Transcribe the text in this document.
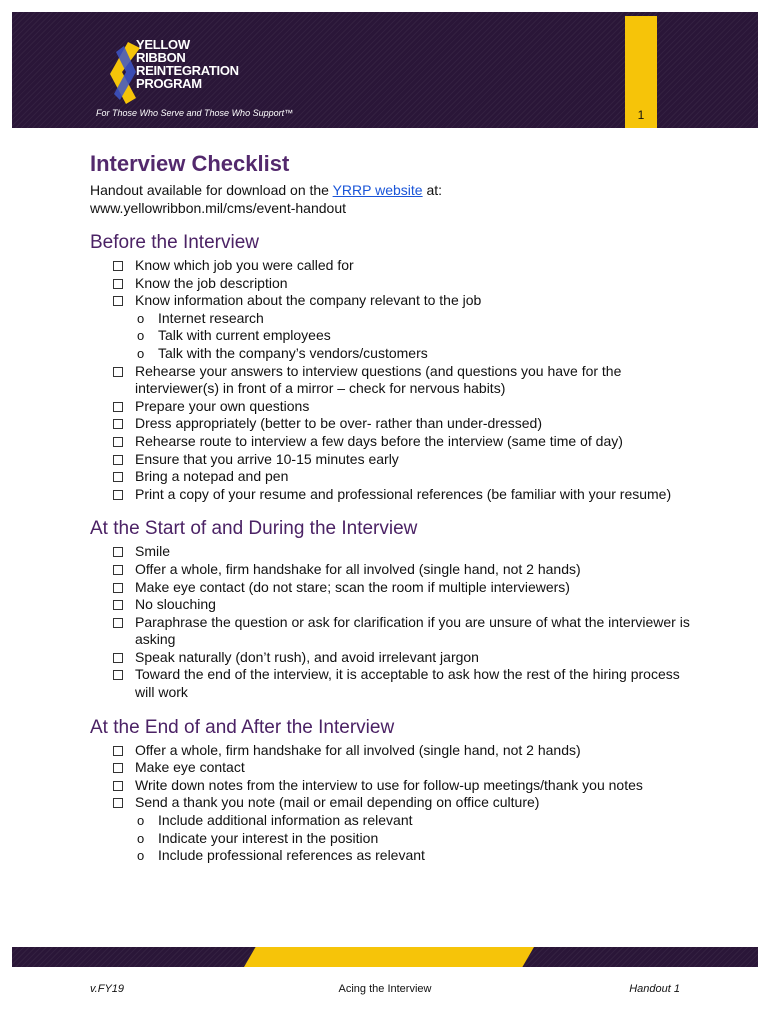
YELLOW
RIBBON
REINTEGRATION
PROGRAM
For Those Who Serve and Those Who Support™	1
Interview Checklist
Handout available for download on the YRRP website at:
www.yellowribbon.mil/cms/event-handout
Before the Interview
Know which job you were called for
Know the job description
Know information about the company relevant to the job
o Internet research
o Talk with current employees
o Talk with the company’s vendors/customers
Rehearse your answers to interview questions (and questions you have for the interviewer(s) in front of a mirror – check for nervous habits)
Prepare your own questions
Dress appropriately (better to be over- rather than under-dressed)
Rehearse route to interview a few days before the interview (same time of day)
Ensure that you arrive 10-15 minutes early
Bring a notepad and pen
Print a copy of your resume and professional references (be familiar with your resume)
At the Start of and During the Interview
Smile
Offer a whole, firm handshake for all involved (single hand, not 2 hands)
Make eye contact (do not stare; scan the room if multiple interviewers)
No slouching
Paraphrase the question or ask for clarification if you are unsure of what the interviewer is asking
Speak naturally (don’t rush), and avoid irrelevant jargon
Toward the end of the interview, it is acceptable to ask how the rest of the hiring process will work
At the End of and After the Interview
Offer a whole, firm handshake for all involved (single hand, not 2 hands)
Make eye contact
Write down notes from the interview to use for follow-up meetings/thank you notes
Send a thank you note (mail or email depending on office culture)
o Include additional information as relevant
o Indicate your interest in the position
o Include professional references as relevant
v.FY19	Acing the Interview	Handout 1
